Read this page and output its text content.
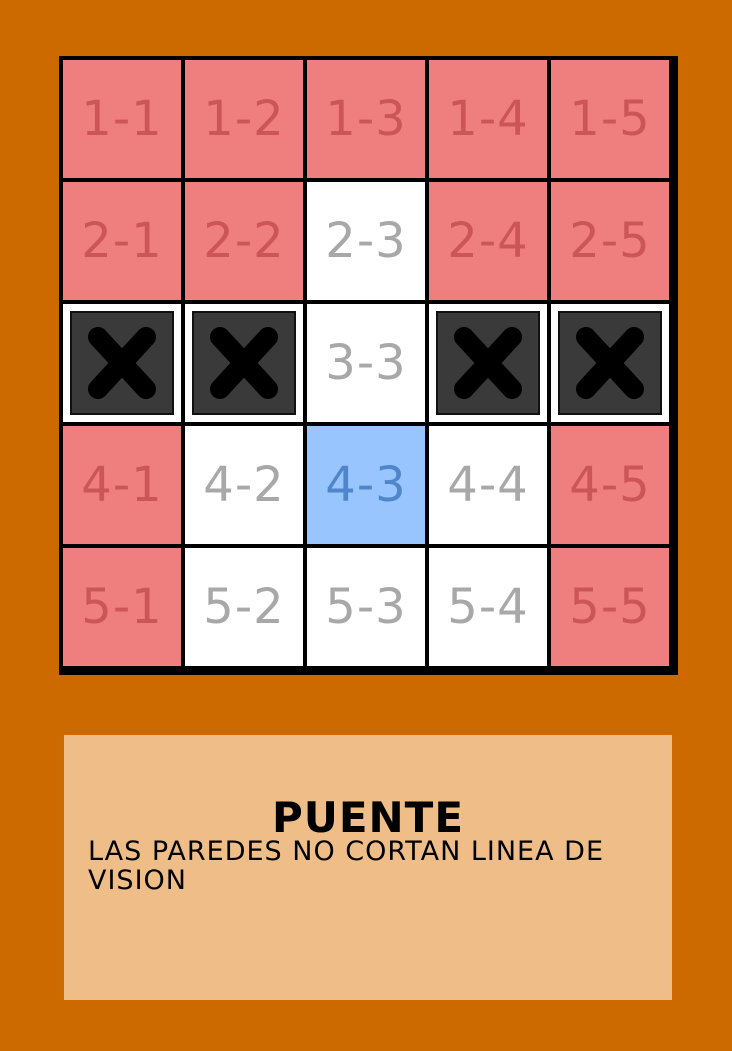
1-1 1-2 1-3 1-4 1-5
2-1 2-2 2-3 2-4 2-5
3-3
4-1 4-2 4-3 4-4 4-5
5-1 5-2 5-3 5-4 5-5
PUENTE
LAS PAREDES NO CORTAN LINEA DE VISION
